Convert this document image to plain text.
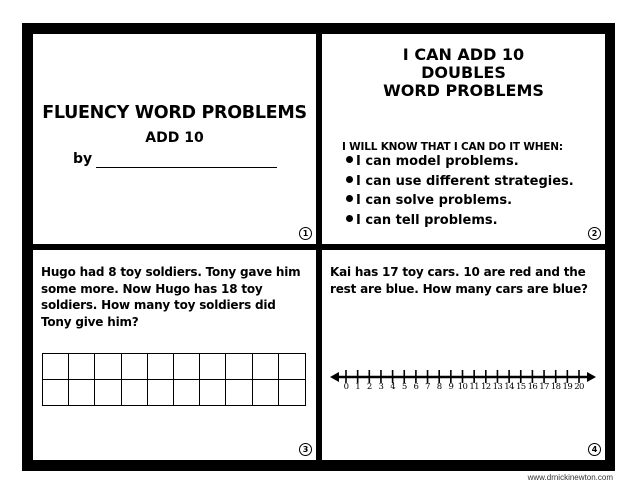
FLUENCY WORD PROBLEMS
ADD 10
by
1
I CAN ADD 10
DOUBLES
WORD PROBLEMS
I WILL KNOW THAT I CAN DO IT WHEN:
I can model problems.
I can use different strategies.
I can solve problems.
I can tell problems.
2
Hugo had 8 toy soldiers. Tony gave him some more. Now Hugo has 18 toy soldiers. How many toy soldiers did Tony give him?
3
Kai has 17 toy cars. 10 are red and the rest are blue. How many cars are blue?
0 1 2 3 4 5 6 7 8 9 10 11 12 13 14 15 16 17 18 19 20
4
www.drnickinewton.com
